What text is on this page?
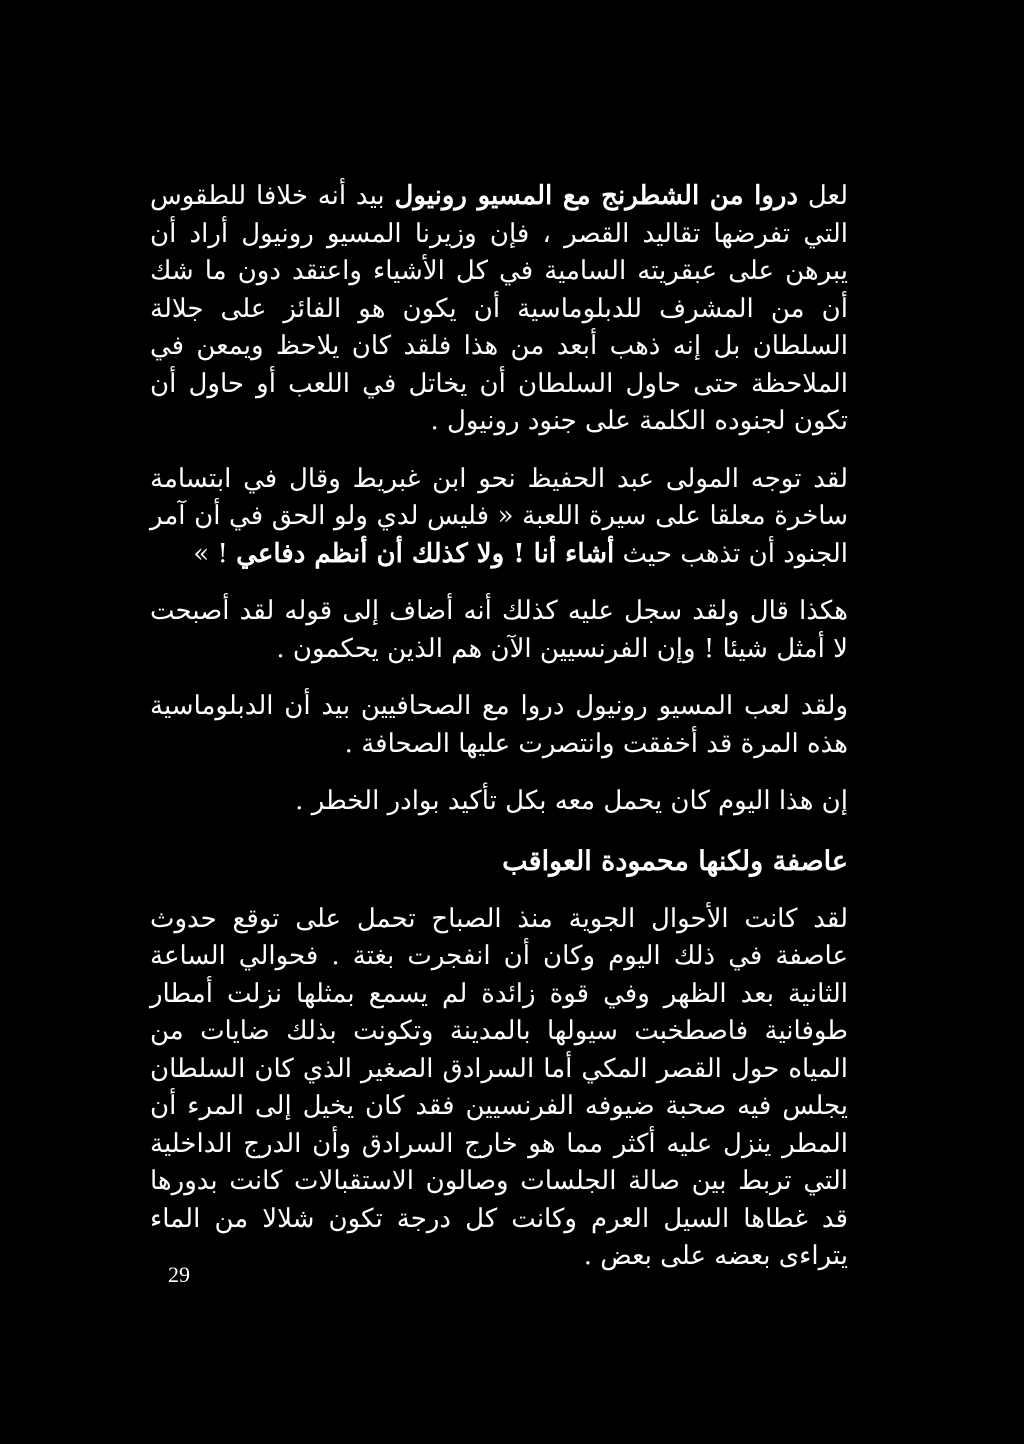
لعل دروا من الشطرنج مع المسيو رونيول بيد أنه خلافا للطقوس التي تفرضها تقاليد القصر ، فإن وزيرنا المسيو رونيول أراد أن يبرهن على عبقريته السامية في كل الأشياء واعتقد دون ما شك أن من المشرف للدبلوماسية أن يكون هو الفائز على جلالة السلطان بل إنه ذهب أبعد من هذا فلقد كان يلاحظ ويمعن في الملاحظة حتى حاول السلطان أن يخاتل في اللعب أو حاول أن تكون لجنوده الكلمة على جنود رونيول .

لقد توجه المولى عبد الحفيظ نحو ابن غبريط وقال في ابتسامة ساخرة معلقا على سيرة اللعبة « فليس لدي ولو الحق في أن آمر الجنود أن تذهب حيث أشاء أنا ! ولا كذلك أن أنظم دفاعي ! »

هكذا قال ولقد سجل عليه كذلك أنه أضاف إلى قوله لقد أصبحت لا أمثل شيئا ! وإن الفرنسيين الآن هم الذين يحكمون .

ولقد لعب المسيو رونيول دروا مع الصحافيين بيد أن الدبلوماسية هذه المرة قد أخفقت وانتصرت عليها الصحافة .

إن هذا اليوم كان يحمل معه بكل تأكيد بوادر الخطر .

عاصفة ولكنها محمودة العواقب

لقد كانت الأحوال الجوية منذ الصباح تحمل على توقع حدوث عاصفة في ذلك اليوم وكان أن انفجرت بغتة . فحوالي الساعة الثانية بعد الظهر وفي قوة زائدة لم يسمع بمثلها نزلت أمطار طوفانية فاصطخبت سيولها بالمدينة وتكونت بذلك ضايات من المياه حول القصر المكي أما السرادق الصغير الذي كان السلطان يجلس فيه صحبة ضيوفه الفرنسيين فقد كان يخيل إلى المرء أن المطر ينزل عليه أكثر مما هو خارج السرادق وأن الدرج الداخلية التي تربط بين صالة الجلسات وصالون الاستقبالات كانت بدورها قد غطاها السيل العرم وكانت كل درجة تكون شلالا من الماء يتراءى بعضه على بعض .

29
